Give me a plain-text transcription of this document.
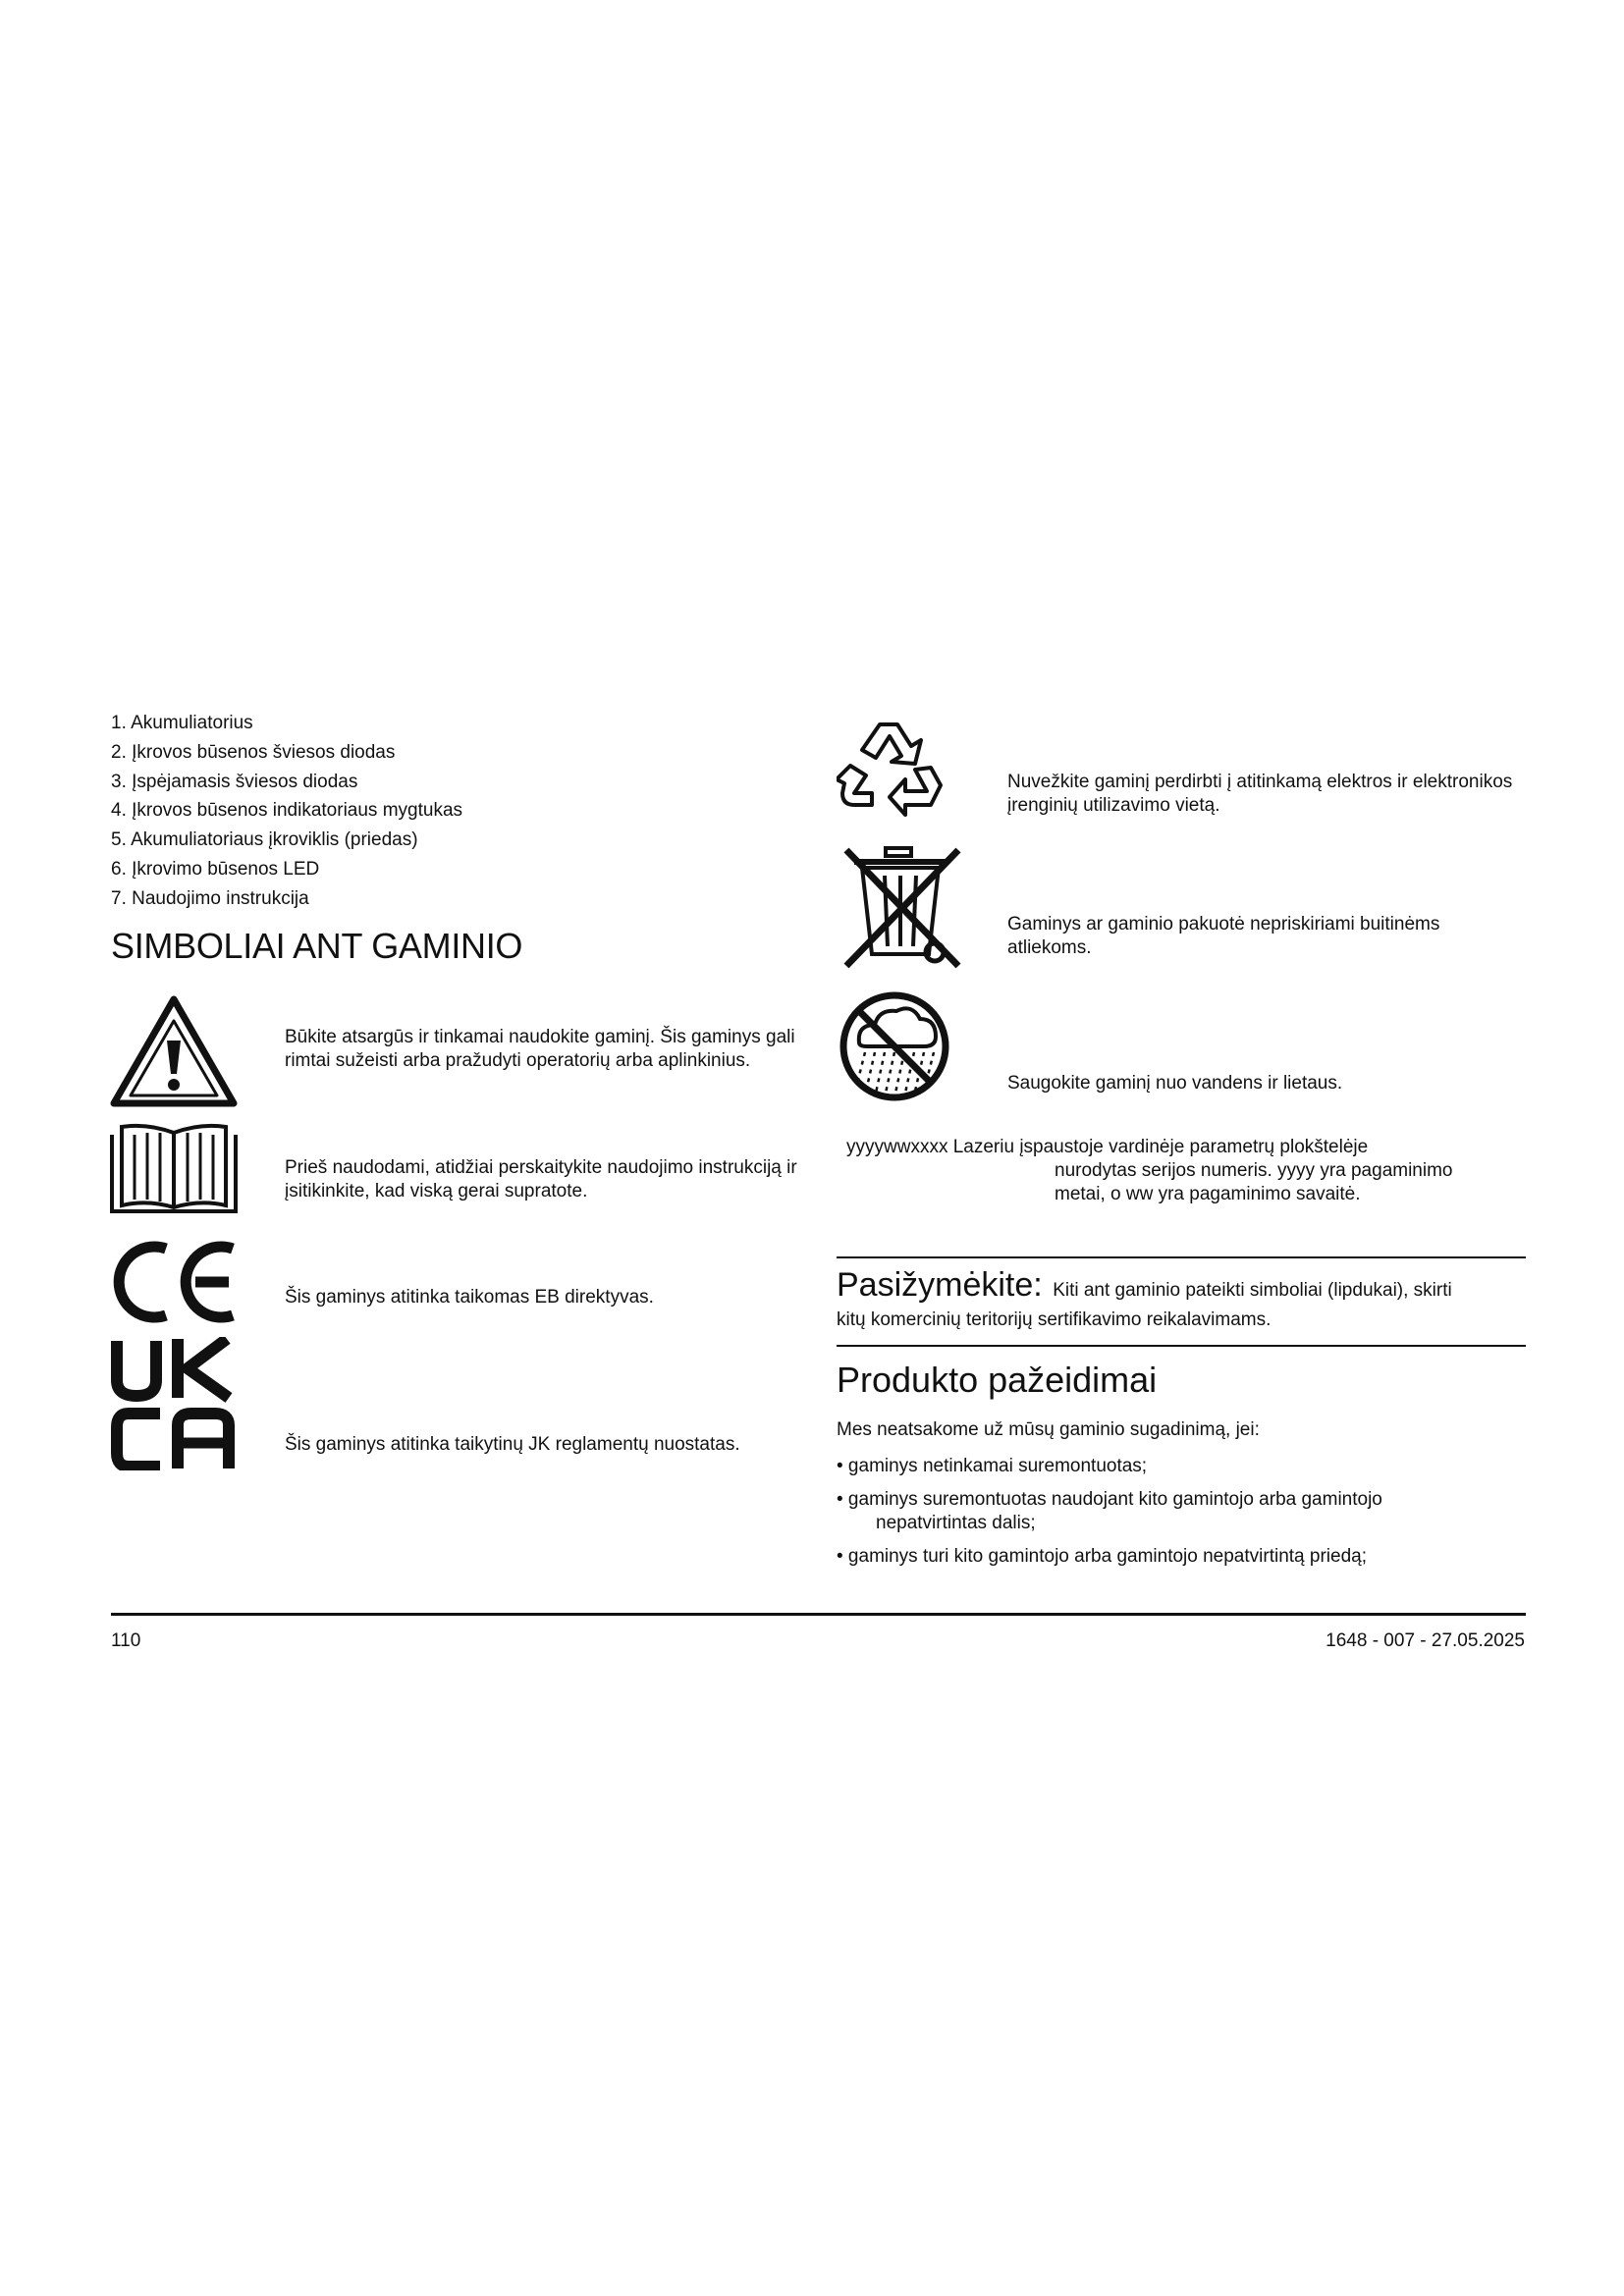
1. Akumuliatorius
2. Įkrovos būsenos šviesos diodas
3. Įspėjamasis šviesos diodas
4. Įkrovos būsenos indikatoriaus mygtukas
5. Akumuliatoriaus įkroviklis (priedas)
6. Įkrovimo būsenos LED
7. Naudojimo instrukcija
SIMBOLIAI ANT GAMINIO
Būkite atsargūs ir tinkamai naudokite gaminį. Šis gaminys gali rimtai sužeisti arba pražudyti operatorių arba aplinkinius.
Prieš naudodami, atidžiai perskaitykite naudojimo instrukciją ir įsitikinkite, kad viską gerai supratote.
Šis gaminys atitinka taikomas EB direktyvas.
Šis gaminys atitinka taikytinų JK reglamentų nuostatas.
Nuvežkite gaminį perdirbti į atitinkamą elektros ir elektronikos įrenginių utilizavimo vietą.
Gaminys ar gaminio pakuotė nepriskiriami buitinėms atliekoms.
Saugokite gaminį nuo vandens ir lietaus.
yyyywwxxxx Lazeriu įspaustoje vardinėje parametrų plokštelėje
nurodytas serijos numeris. yyyy yra pagaminimo
metai, o ww yra pagaminimo savaitė.
Pasižymėkite: Kiti ant gaminio pateikti simboliai (lipdukai), skirti
kitų komercinių teritorijų sertifikavimo reikalavimams.
Produkto pažeidimai
Mes neatsakome už mūsų gaminio sugadinimą, jei:
• gaminys netinkamai suremontuotas;
• gaminys suremontuotas naudojant kito gamintojo arba gamintojo
nepatvirtintas dalis;
• gaminys turi kito gamintojo arba gamintojo nepatvirtintą priedą;
110	1648 - 007 - 27.05.2025
